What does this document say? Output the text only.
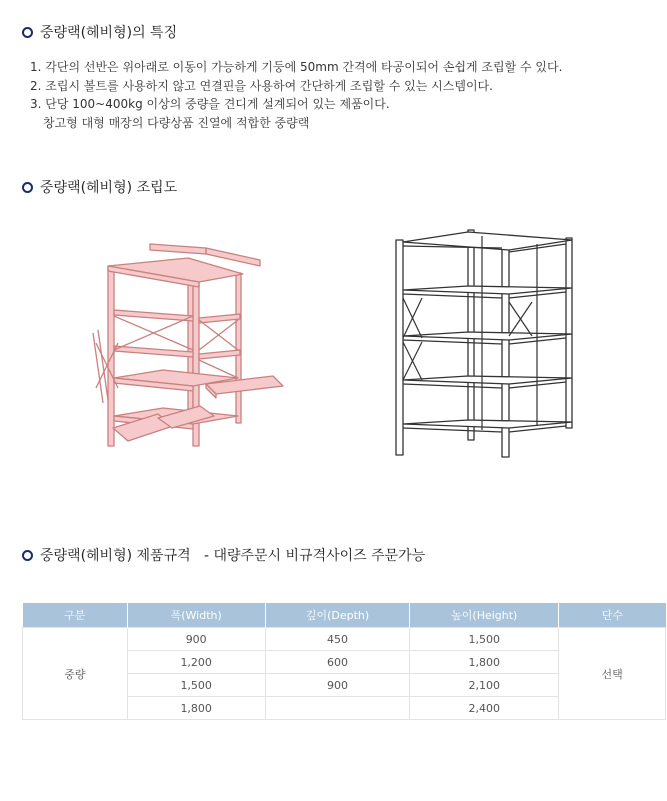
중량랙(헤비형)의 특징
1. 각단의 선반은 위아래로 이동이 가능하게 기둥에 50mm 간격에 타공이되어 손쉽게 조립할 수 있다.
2. 조립시 볼트를 사용하지 않고 연결핀을 사용하여 간단하게 조립할 수 있는 시스템이다.
3. 단당 100~400kg 이상의 중량을 견디게 설계되어 있는 제품이다.
창고형 대형 매장의 다량상품 진열에 적합한 중량랙
중량랙(헤비형) 조립도
중량랙(헤비형) 제품규격   - 대량주문시 비규격사이즈 주문가능
구분	폭(Width)	깊이(Depth)	높이(Height)	단수
중량	900	450	1,500	선택
	1,200	600	1,800	
	1,500	900	2,100	
	1,800		2,400	
